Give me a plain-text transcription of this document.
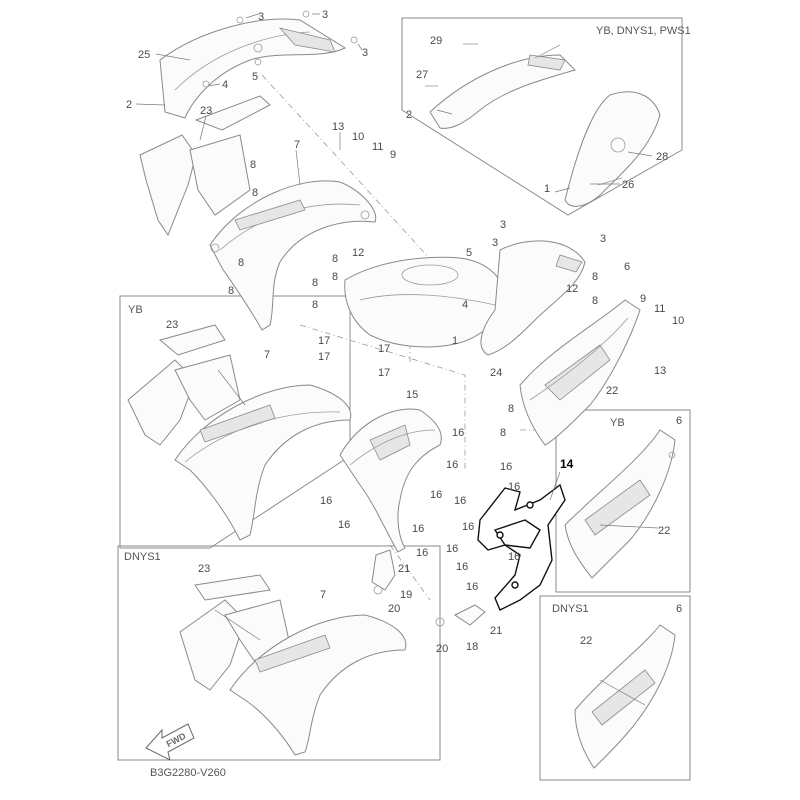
YB, DNYS1, PWS1
YB
DNYS1
YB
DNYS1
3	3
3
25
4
5
2	23
13
10
11
9
7
8
8
12
8	8
8
8
8
8
17
17
17
17
1
4
5
3
3	3
6
8
12
8	9
11
10
13
24
22
8
8
15
16
16
16
16
16
16
16
16
16
16
16
16
16
16
16
21
19
20
21
18
20
14
29
27
2
28
26
1
23
7
22
6
23
7
22
6
FWD
B3G2280-V260
